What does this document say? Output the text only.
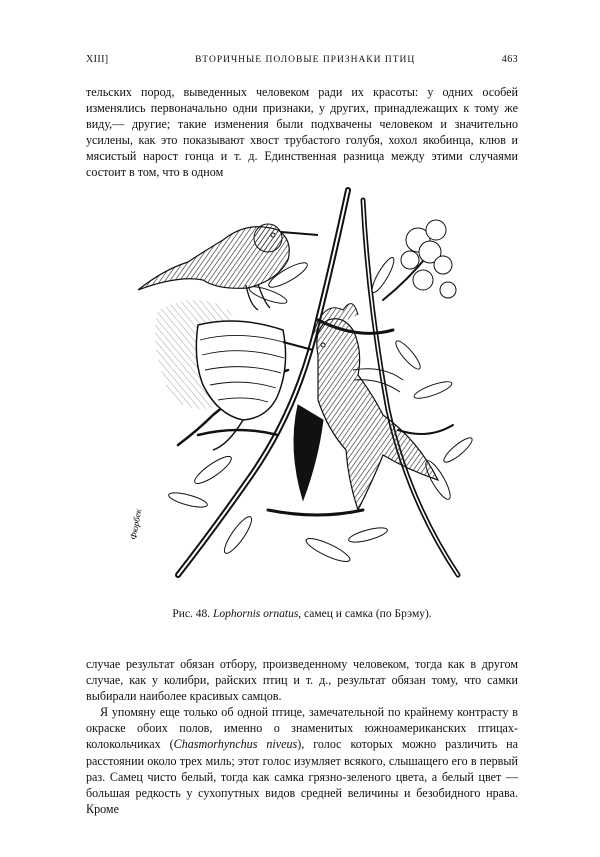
XIII]	ВТОРИЧНЫЕ ПОЛОВЫЕ ПРИЗНАКИ ПТИЦ	463

тельских пород, выведенных человеком ради их красоты: у одних особей изменялись первоначально одни признаки, у других, принадлежащих к тому же виду,— другие; такие изменения были подхвачены человеком и значительно усилены, как это показывают хвост трубастого голубя, хохол якобинца, клюв и мясистый нарост гонца и т. д. Единственная разница между этими случаями состоит в том, что в одном

Фюрбек
Рис. 48. Lophornis ornatus, самец и самка (по Брэму).

случае результат обязан отбору, произведенному человеком, тогда как в другом случае, как у колибри, райских птиц и т. д., результат обязан тому, что самки выбирали наиболее красивых самцов.

Я упомяну еще только об одной птице, замечательной по крайнему контрасту в окраске обоих полов, именно о знаменитых южноамериканских птицах-колокольчиках (Chasmorhynchus niveus), голос которых можно различить на расстоянии около трех миль; этот голос изумляет всякого, слышащего его в первый раз. Самец чисто белый, тогда как самка грязно-зеленого цвета, а белый цвет — большая редкость у сухопутных видов средней величины и безобидного нрава. Кроме
